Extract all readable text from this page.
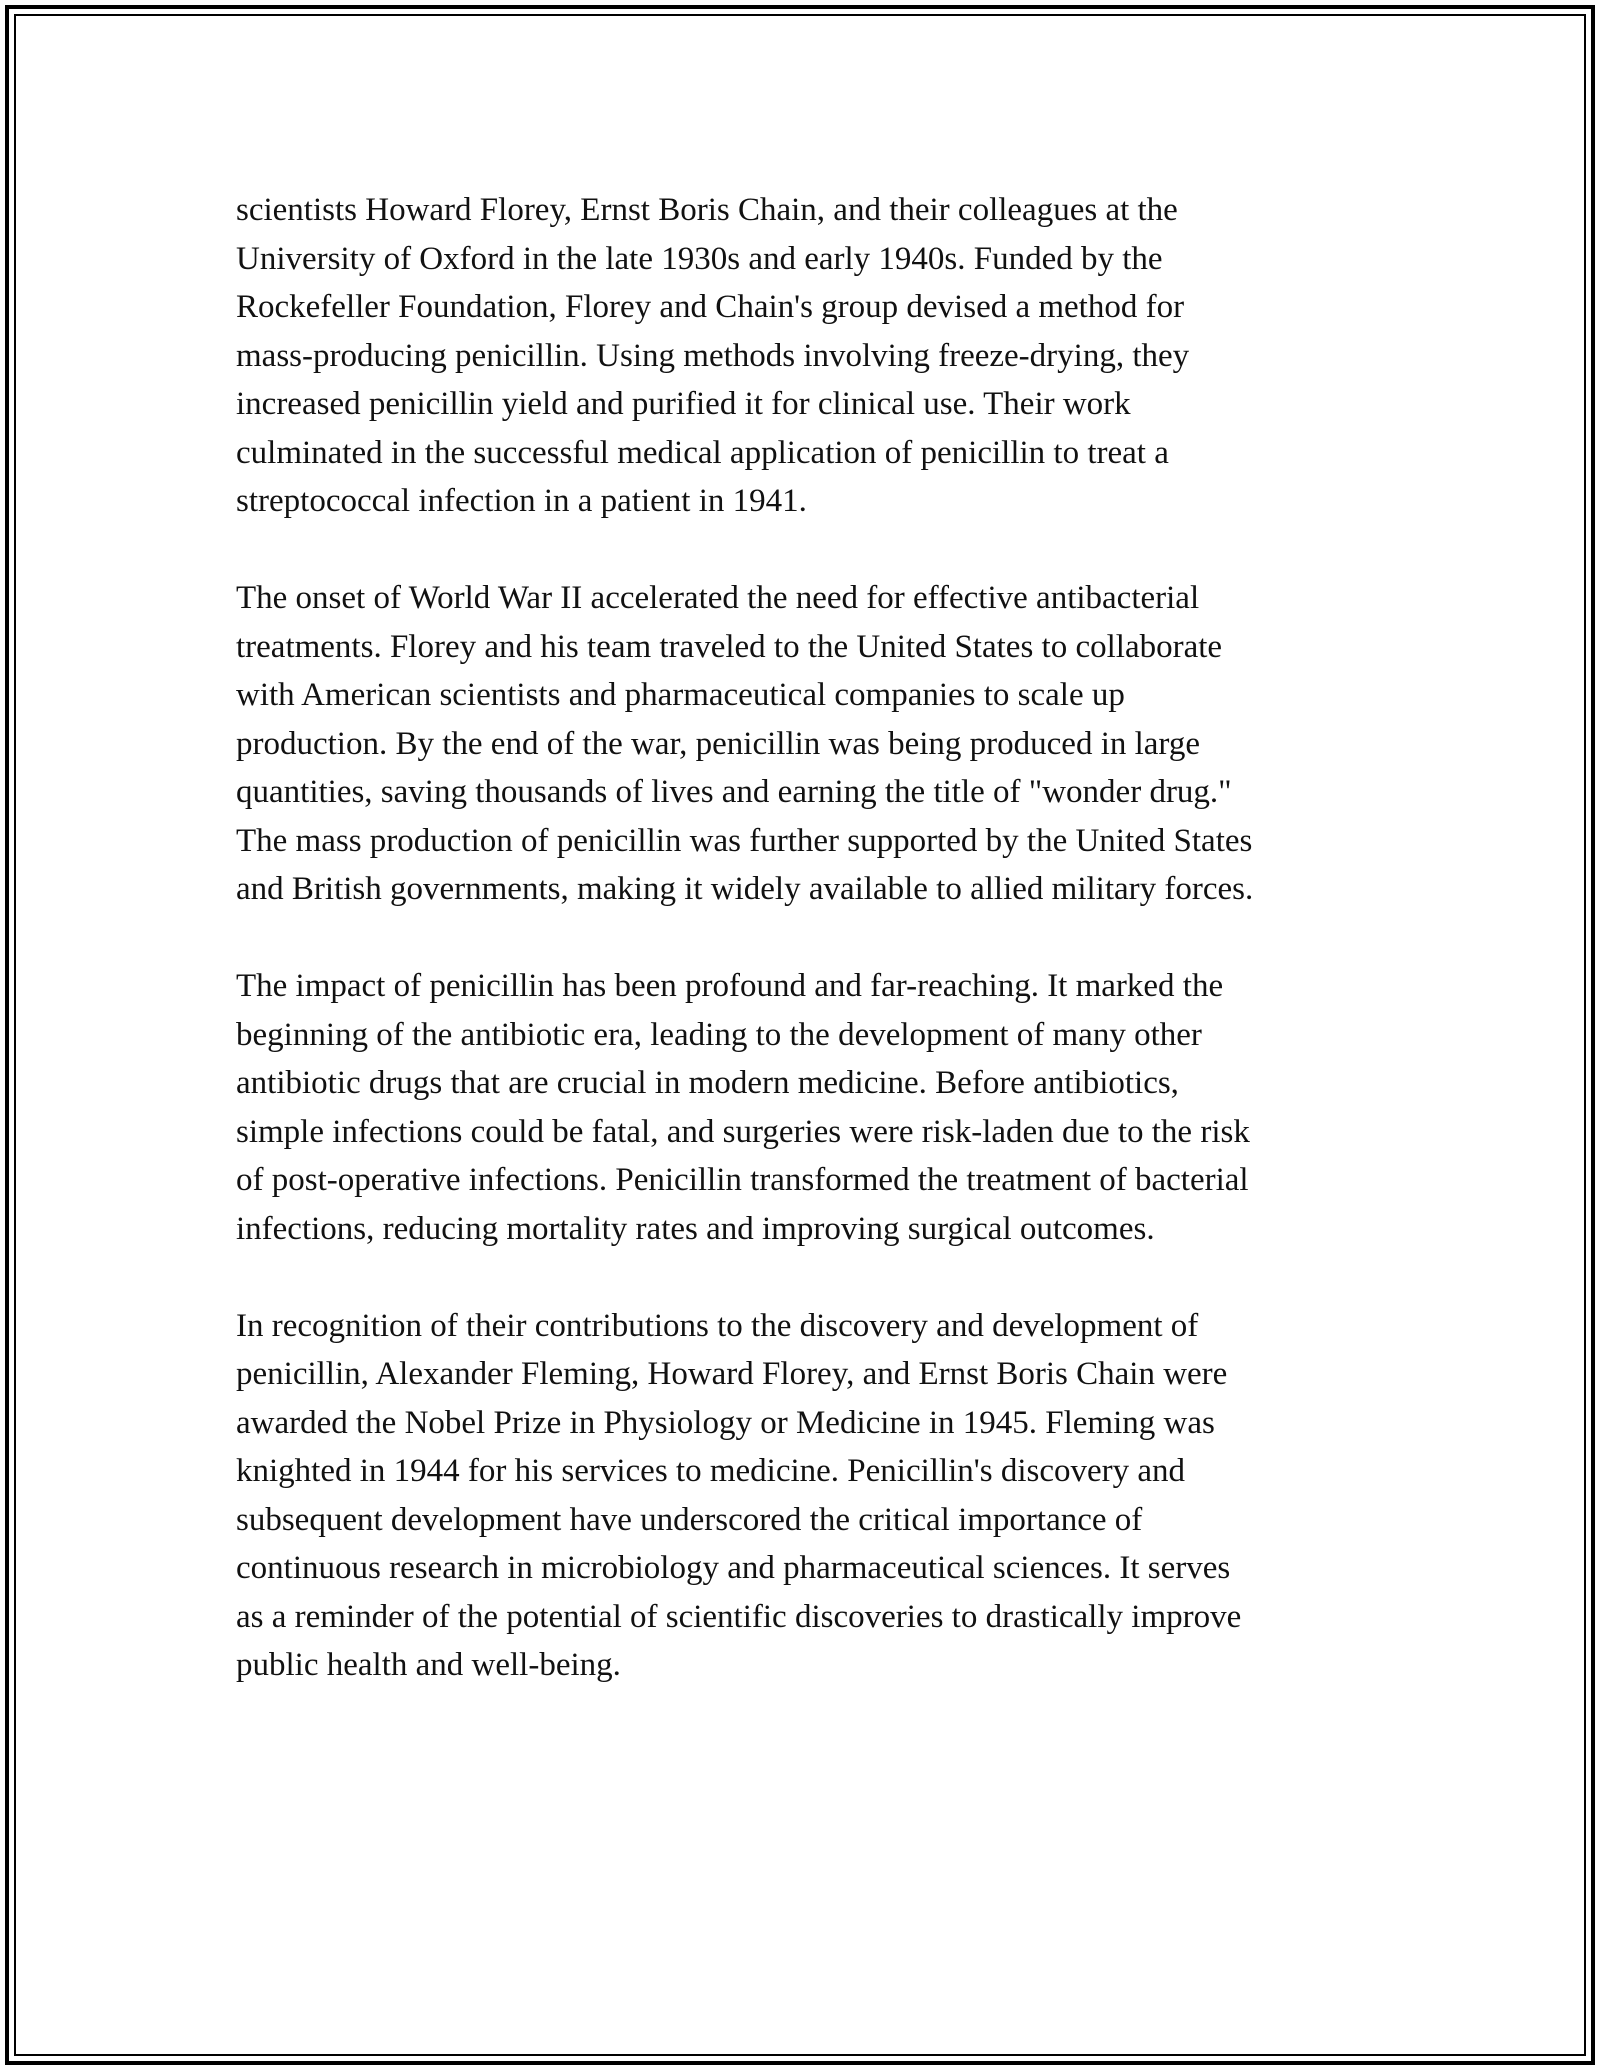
scientists Howard Florey, Ernst Boris Chain, and their colleagues at the
University of Oxford in the late 1930s and early 1940s. Funded by the
Rockefeller Foundation, Florey and Chain's group devised a method for
mass-producing penicillin. Using methods involving freeze-drying, they
increased penicillin yield and purified it for clinical use. Their work
culminated in the successful medical application of penicillin to treat a
streptococcal infection in a patient in 1941.

The onset of World War II accelerated the need for effective antibacterial
treatments. Florey and his team traveled to the United States to collaborate
with American scientists and pharmaceutical companies to scale up
production. By the end of the war, penicillin was being produced in large
quantities, saving thousands of lives and earning the title of "wonder drug."
The mass production of penicillin was further supported by the United States
and British governments, making it widely available to allied military forces.

The impact of penicillin has been profound and far-reaching. It marked the
beginning of the antibiotic era, leading to the development of many other
antibiotic drugs that are crucial in modern medicine. Before antibiotics,
simple infections could be fatal, and surgeries were risk-laden due to the risk
of post-operative infections. Penicillin transformed the treatment of bacterial
infections, reducing mortality rates and improving surgical outcomes.

In recognition of their contributions to the discovery and development of
penicillin, Alexander Fleming, Howard Florey, and Ernst Boris Chain were
awarded the Nobel Prize in Physiology or Medicine in 1945. Fleming was
knighted in 1944 for his services to medicine. Penicillin's discovery and
subsequent development have underscored the critical importance of
continuous research in microbiology and pharmaceutical sciences. It serves
as a reminder of the potential of scientific discoveries to drastically improve
public health and well-being.
